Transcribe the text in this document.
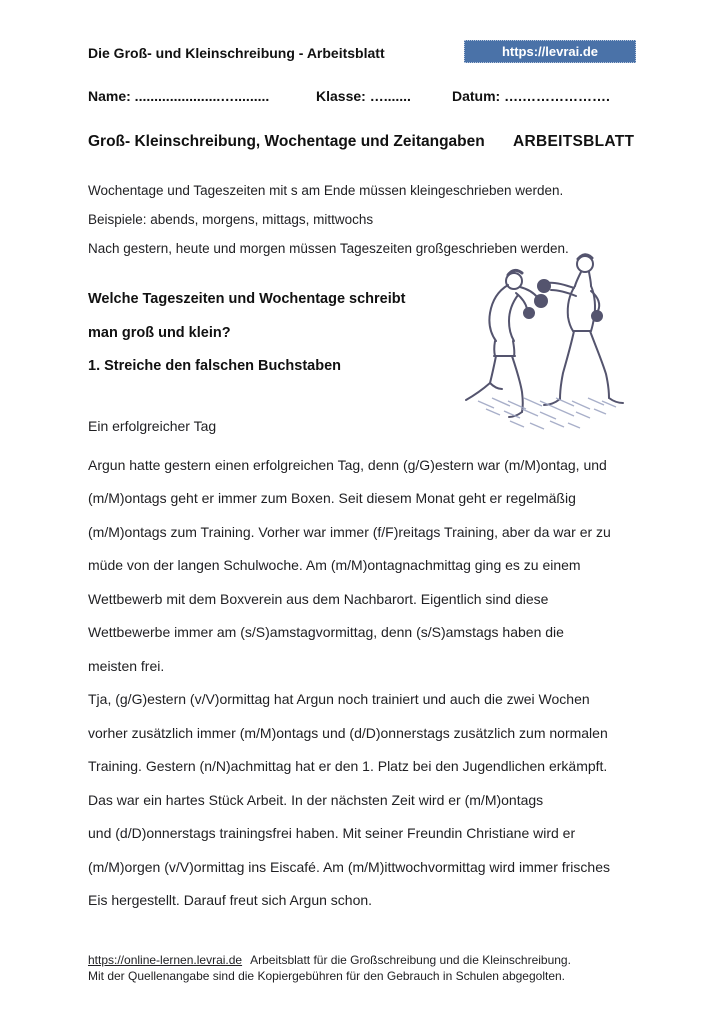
Die Groß- und Kleinschreibung - Arbeitsblatt	https://levrai.de
Name: ......................….........	Klasse: ….......	Datum: ….……………….
Groß- Kleinschreibung, Wochentage und Zeitangaben ARBEITSBLATT
Wochentage und Tageszeiten mit s am Ende müssen kleingeschrieben werden.
Beispiele: abends, morgens, mittags, mittwochs
Nach gestern, heute und morgen müssen Tageszeiten großgeschrieben werden.
Welche Tageszeiten und Wochentage schreibt
man groß und klein?
1. Streiche den falschen Buchstaben
Ein erfolgreicher Tag
Argun hatte gestern einen erfolgreichen Tag, denn (g/G)estern war (m/M)ontag, und
(m/M)ontags geht er immer zum Boxen. Seit diesem Monat geht er regelmäßig
(m/M)ontags zum Training. Vorher war immer (f/F)reitags Training, aber da war er zu
müde von der langen Schulwoche. Am (m/M)ontagnachmittag ging es zu einem
Wettbewerb mit dem Boxverein aus dem Nachbarort. Eigentlich sind diese
Wettbewerbe immer am (s/S)amstagvormittag, denn (s/S)amstags haben die
meisten frei.
Tja, (g/G)estern (v/V)ormittag hat Argun noch trainiert und auch die zwei Wochen
vorher zusätzlich immer (m/M)ontags und (d/D)onnerstags zusätzlich zum normalen
Training. Gestern (n/N)achmittag hat er den 1. Platz bei den Jugendlichen erkämpft.
Das war ein hartes Stück Arbeit. In der nächsten Zeit wird er (m/M)ontags
und (d/D)onnerstags trainingsfrei haben. Mit seiner Freundin Christiane wird er
(m/M)orgen (v/V)ormittag ins Eiscafé. Am (m/M)ittwochvormittag wird immer frisches
Eis hergestellt. Darauf freut sich Argun schon.
https://online-lernen.levrai.de Arbeitsblatt für die Großschreibung und die Kleinschreibung.
Mit der Quellenangabe sind die Kopiergebühren für den Gebrauch in Schulen abgegolten.
